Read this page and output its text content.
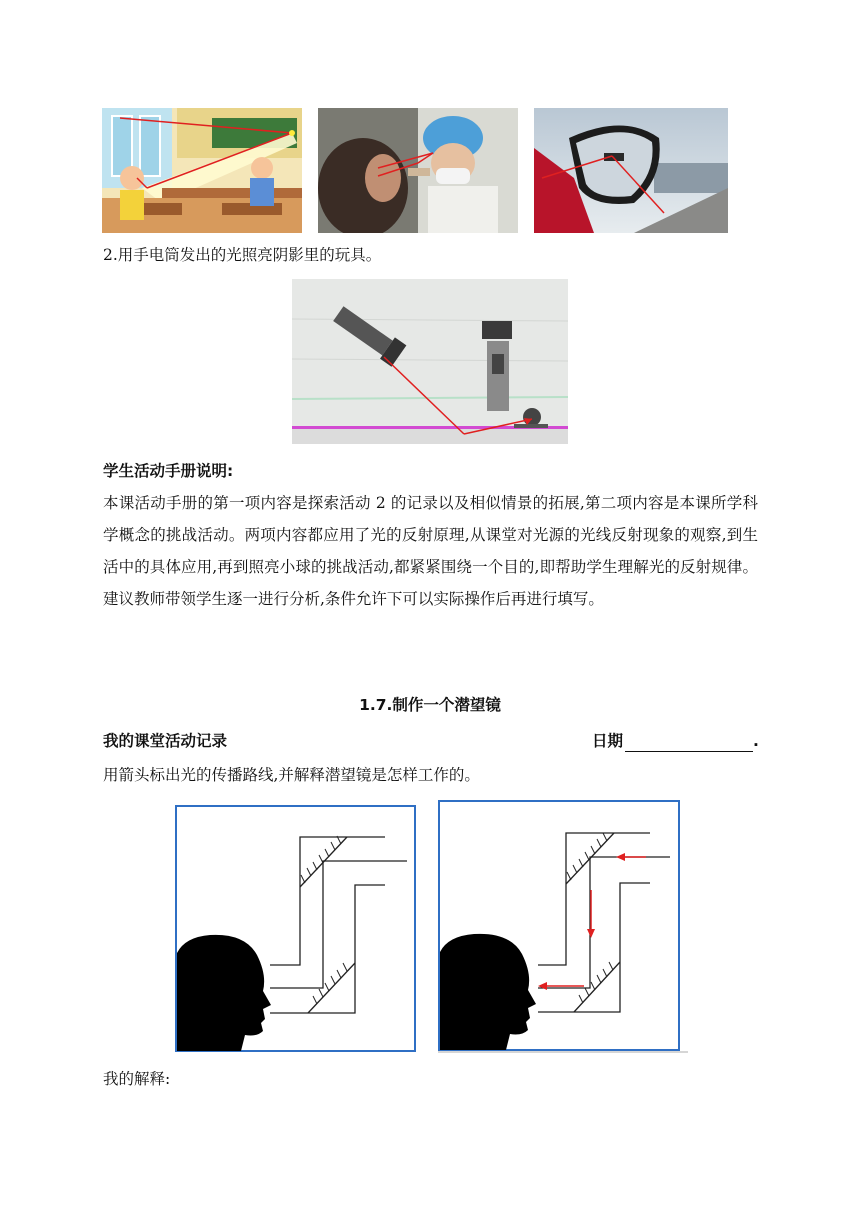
2.用手电筒发出的光照亮阴影里的玩具。
学生活动手册说明:
本课活动手册的第一项内容是探索活动 2 的记录以及相似情景的拓展,第二项内容是本课所学科学概念的挑战活动。两项内容都应用了光的反射原理,从课堂对光源的光线反射现象的观察,到生活中的具体应用,再到照亮小球的挑战活动,都紧紧围绕一个目的,即帮助学生理解光的反射规律。建议教师带领学生逐一进行分析,条件允许下可以实际操作后再进行填写。
1.7.制作一个潜望镜
我的课堂活动记录	日期	.
用箭头标出光的传播路线,并解释潜望镜是怎样工作的。
我的解释:
